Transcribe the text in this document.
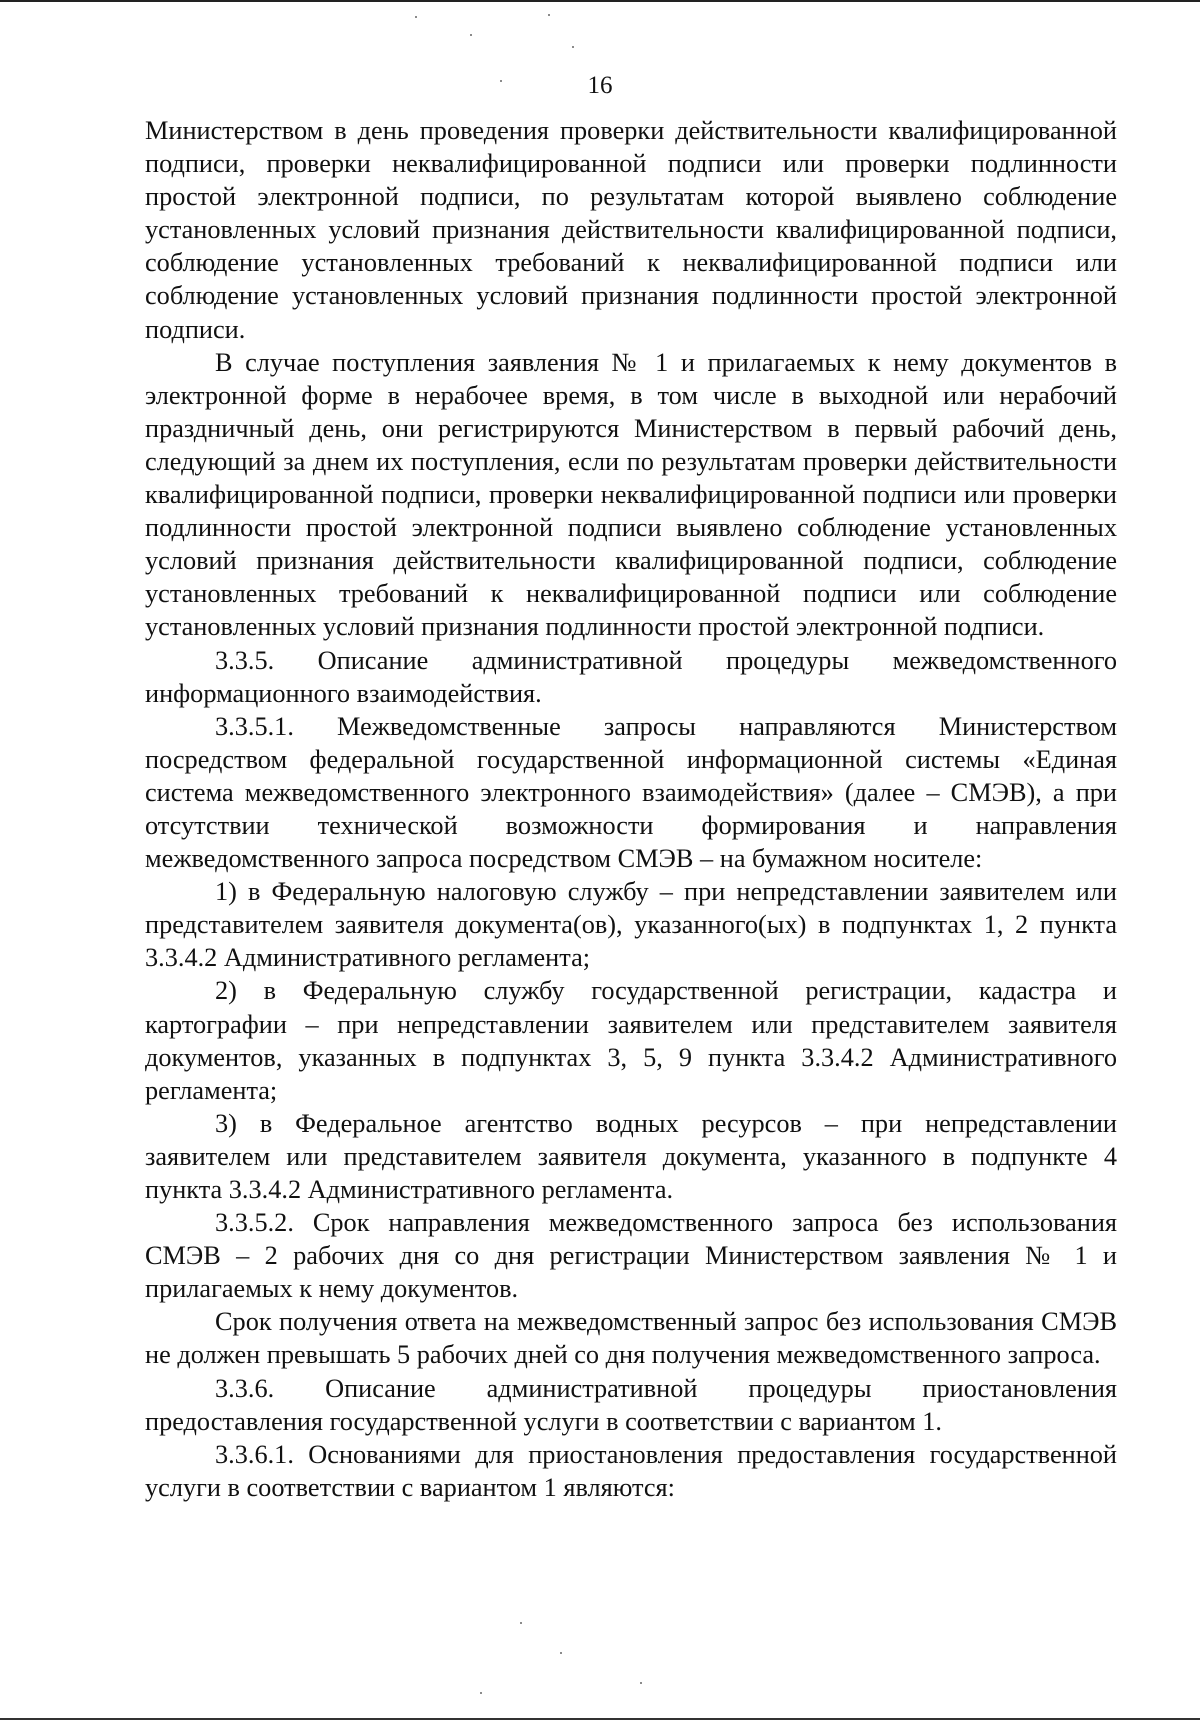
16

Министерством в день проведения проверки действительности квалифицированной подписи, проверки неквалифицированной подписи или проверки подлинности простой электронной подписи, по результатам которой выявлено соблюдение установленных условий признания действительности квалифицированной подписи, соблюдение установленных требований к неквалифицированной подписи или соблюдение установленных условий признания подлинности простой электронной подписи.

В случае поступления заявления № 1 и прилагаемых к нему документов в электронной форме в нерабочее время, в том числе в выходной или нерабочий праздничный день, они регистрируются Министерством в первый рабочий день, следующий за днем их поступления, если по результатам проверки действительности квалифицированной подписи, проверки неквалифицированной подписи или проверки подлинности простой электронной подписи выявлено соблюдение установленных условий признания действительности квалифицированной подписи, соблюдение установленных требований к неквалифицированной подписи или соблюдение установленных условий признания подлинности простой электронной подписи.

3.3.5. Описание административной процедуры межведомственного информационного взаимодействия.

3.3.5.1. Межведомственные запросы направляются Министерством посредством федеральной государственной информационной системы «Единая система межведомственного электронного взаимодействия» (далее – СМЭВ), а при отсутствии технической возможности формирования и направления межведомственного запроса посредством СМЭВ – на бумажном носителе:

1) в Федеральную налоговую службу – при непредставлении заявителем или представителем заявителя документа(ов), указанного(ых) в подпунктах 1, 2 пункта 3.3.4.2 Административного регламента;

2) в Федеральную службу государственной регистрации, кадастра и картографии – при непредставлении заявителем или представителем заявителя документов, указанных в подпунктах 3, 5, 9 пункта 3.3.4.2 Административного регламента;

3) в Федеральное агентство водных ресурсов – при непредставлении заявителем или представителем заявителя документа, указанного в подпункте 4 пункта 3.3.4.2 Административного регламента.

3.3.5.2. Срок направления межведомственного запроса без использования СМЭВ – 2 рабочих дня со дня регистрации Министерством заявления № 1 и прилагаемых к нему документов.

Срок получения ответа на межведомственный запрос без использования СМЭВ не должен превышать 5 рабочих дней со дня получения межведомственного запроса.

3.3.6. Описание административной процедуры приостановления предоставления государственной услуги в соответствии с вариантом 1.

3.3.6.1. Основаниями для приостановления предоставления государственной услуги в соответствии с вариантом 1 являются:
